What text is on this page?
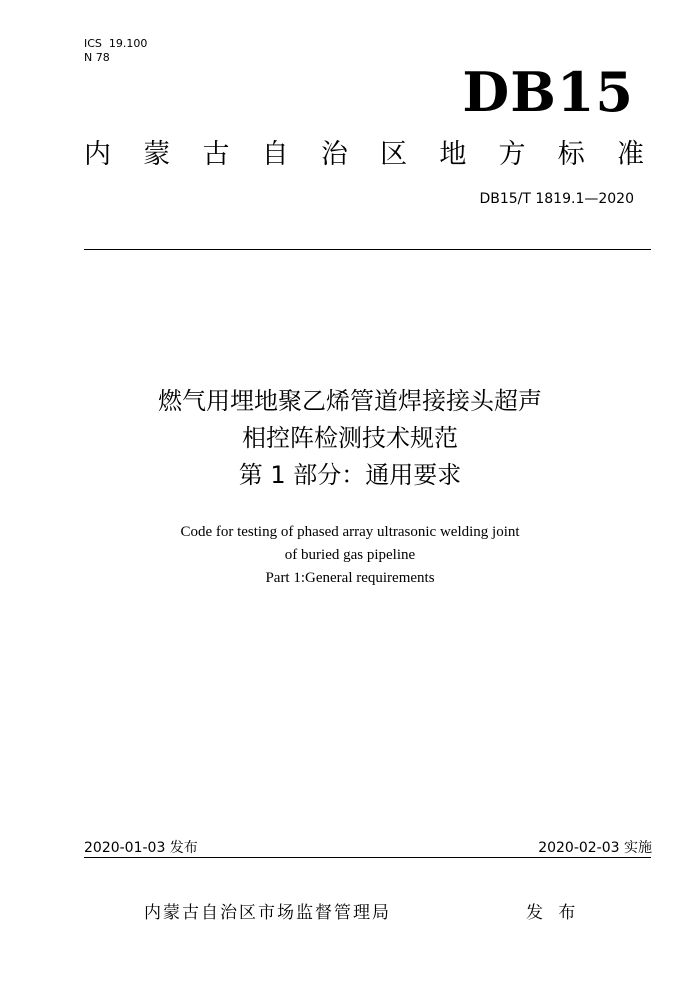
ICS  19.100
N 78
DB15
内 蒙 古 自 治 区 地 方 标 准
DB15/T 1819.1—2020
燃气用埋地聚乙烯管道焊接接头超声
相控阵检测技术规范
第 1 部分：通用要求
Code for testing of phased array ultrasonic welding joint
of buried gas pipeline
Part 1:General requirements
2020-01-03 发布	2020-02-03 实施
内蒙古自治区市场监督管理局	发 布
